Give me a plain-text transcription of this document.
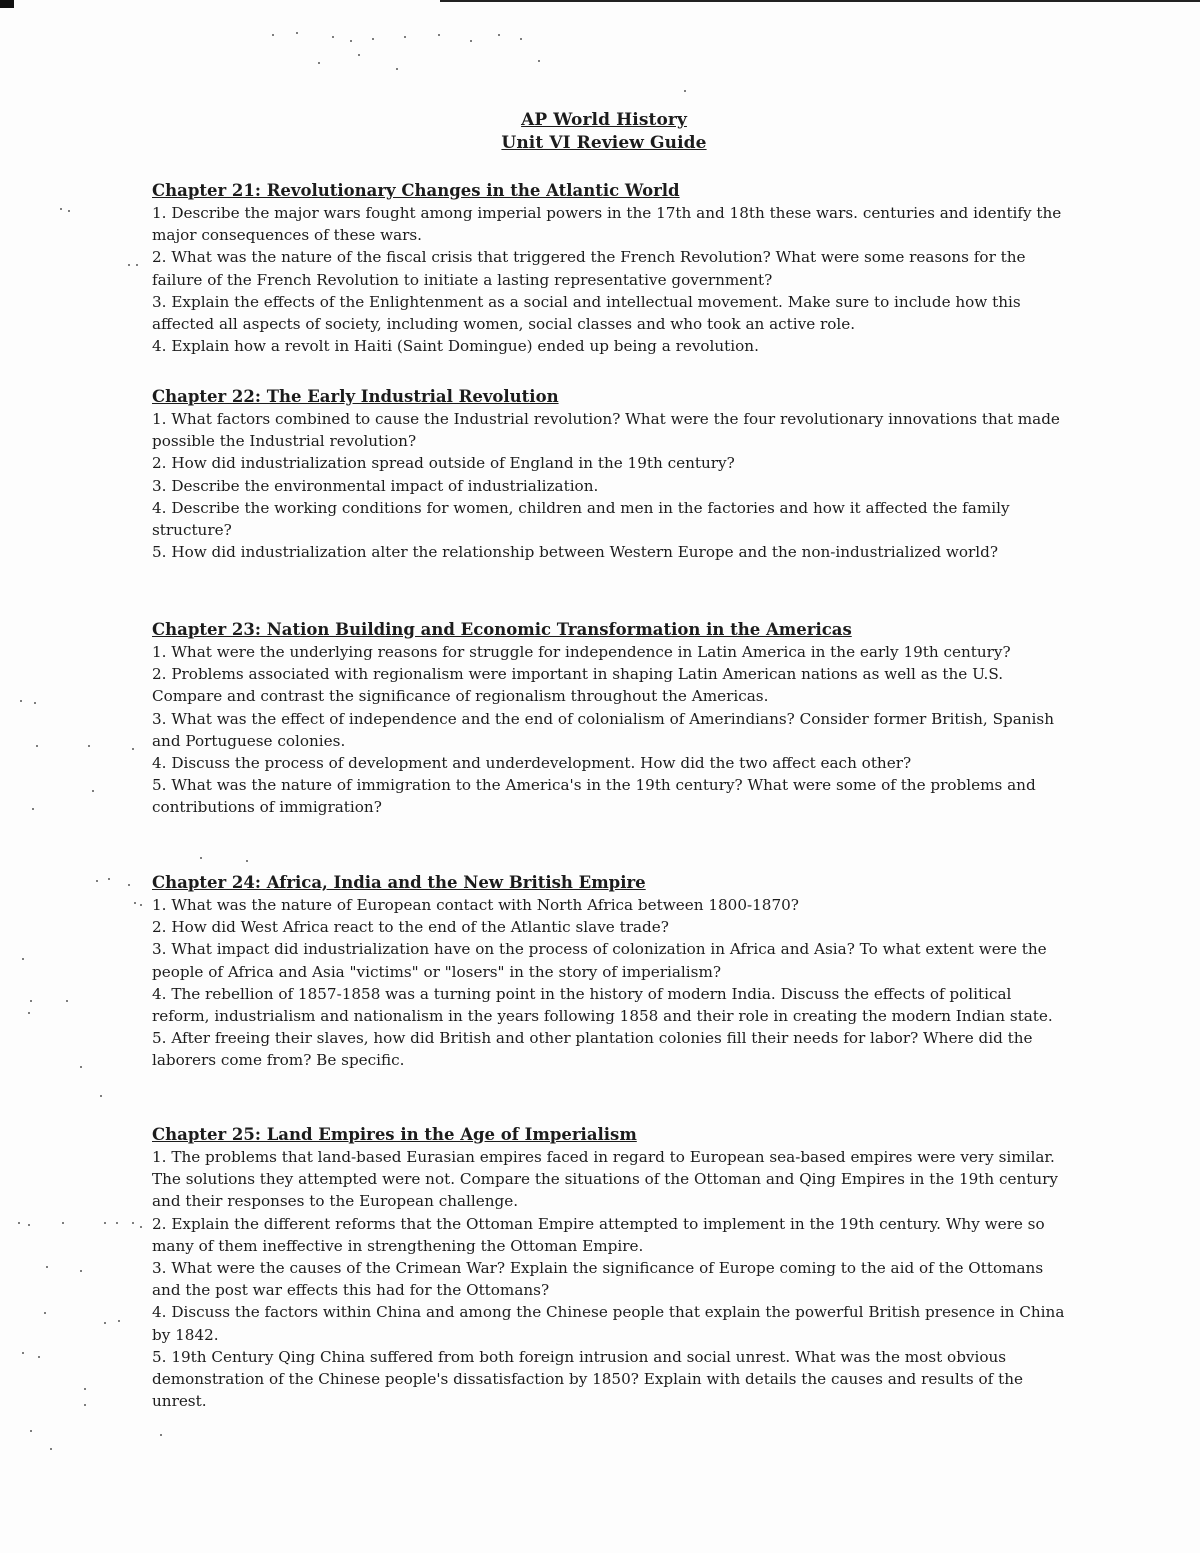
AP World History
Unit VI Review Guide
Chapter 21: Revolutionary Changes in the Atlantic World

1. Describe the major wars fought among imperial powers in the 17th and 18th these wars. centuries and identify the major consequences of these wars.

2. What was the nature of the fiscal crisis that triggered the French Revolution? What were some reasons for the failure of the French Revolution to initiate a lasting representative government?

3. Explain the effects of the Enlightenment as a social and intellectual movement. Make sure to include how this affected all aspects of society, including women, social classes and who took an active role.

4. Explain how a revolt in Haiti (Saint Domingue) ended up being a revolution.

Chapter 22: The Early Industrial Revolution

1. What factors combined to cause the Industrial revolution? What were the four revolutionary innovations that made possible the Industrial revolution?

2. How did industrialization spread outside of England in the 19th century?

3. Describe the environmental impact of industrialization.

4. Describe the working conditions for women, children and men in the factories and how it affected the family structure?

5. How did industrialization alter the relationship between Western Europe and the non-industrialized world?

Chapter 23: Nation Building and Economic Transformation in the Americas

1. What were the underlying reasons for struggle for independence in Latin America in the early 19th century?

2. Problems associated with regionalism were important in shaping Latin American nations as well as the U.S. Compare and contrast the significance of regionalism throughout the Americas.

3. What was the effect of independence and the end of colonialism of Amerindians? Consider former British, Spanish and Portuguese colonies.

4. Discuss the process of development and underdevelopment. How did the two affect each other?

5. What was the nature of immigration to the America's in the 19th century? What were some of the problems and contributions of immigration?

Chapter 24: Africa, India and the New British Empire

1. What was the nature of European contact with North Africa between 1800-1870?

2. How did West Africa react to the end of the Atlantic slave trade?

3. What impact did industrialization have on the process of colonization in Africa and Asia? To what extent were the people of Africa and Asia "victims" or "losers" in the story of imperialism?

4. The rebellion of 1857-1858 was a turning point in the history of modern India. Discuss the effects of political reform, industrialism and nationalism in the years following 1858 and their role in creating the modern Indian state.

5. After freeing their slaves, how did British and other plantation colonies fill their needs for labor? Where did the laborers come from? Be specific.

Chapter 25: Land Empires in the Age of Imperialism

1. The problems that land-based Eurasian empires faced in regard to European sea-based empires were very similar. The solutions they attempted were not. Compare the situations of the Ottoman and Qing Empires in the 19th century and their responses to the European challenge.

2. Explain the different reforms that the Ottoman Empire attempted to implement in the 19th century. Why were so many of them ineffective in strengthening the Ottoman Empire.

3. What were the causes of the Crimean War? Explain the significance of Europe coming to the aid of the Ottomans and the post war effects this had for the Ottomans?

4. Discuss the factors within China and among the Chinese people that explain the powerful British presence in China by 1842.

5. 19th Century Qing China suffered from both foreign intrusion and social unrest. What was the most obvious demonstration of the Chinese people's dissatisfaction by 1850? Explain with details the causes and results of the unrest.
